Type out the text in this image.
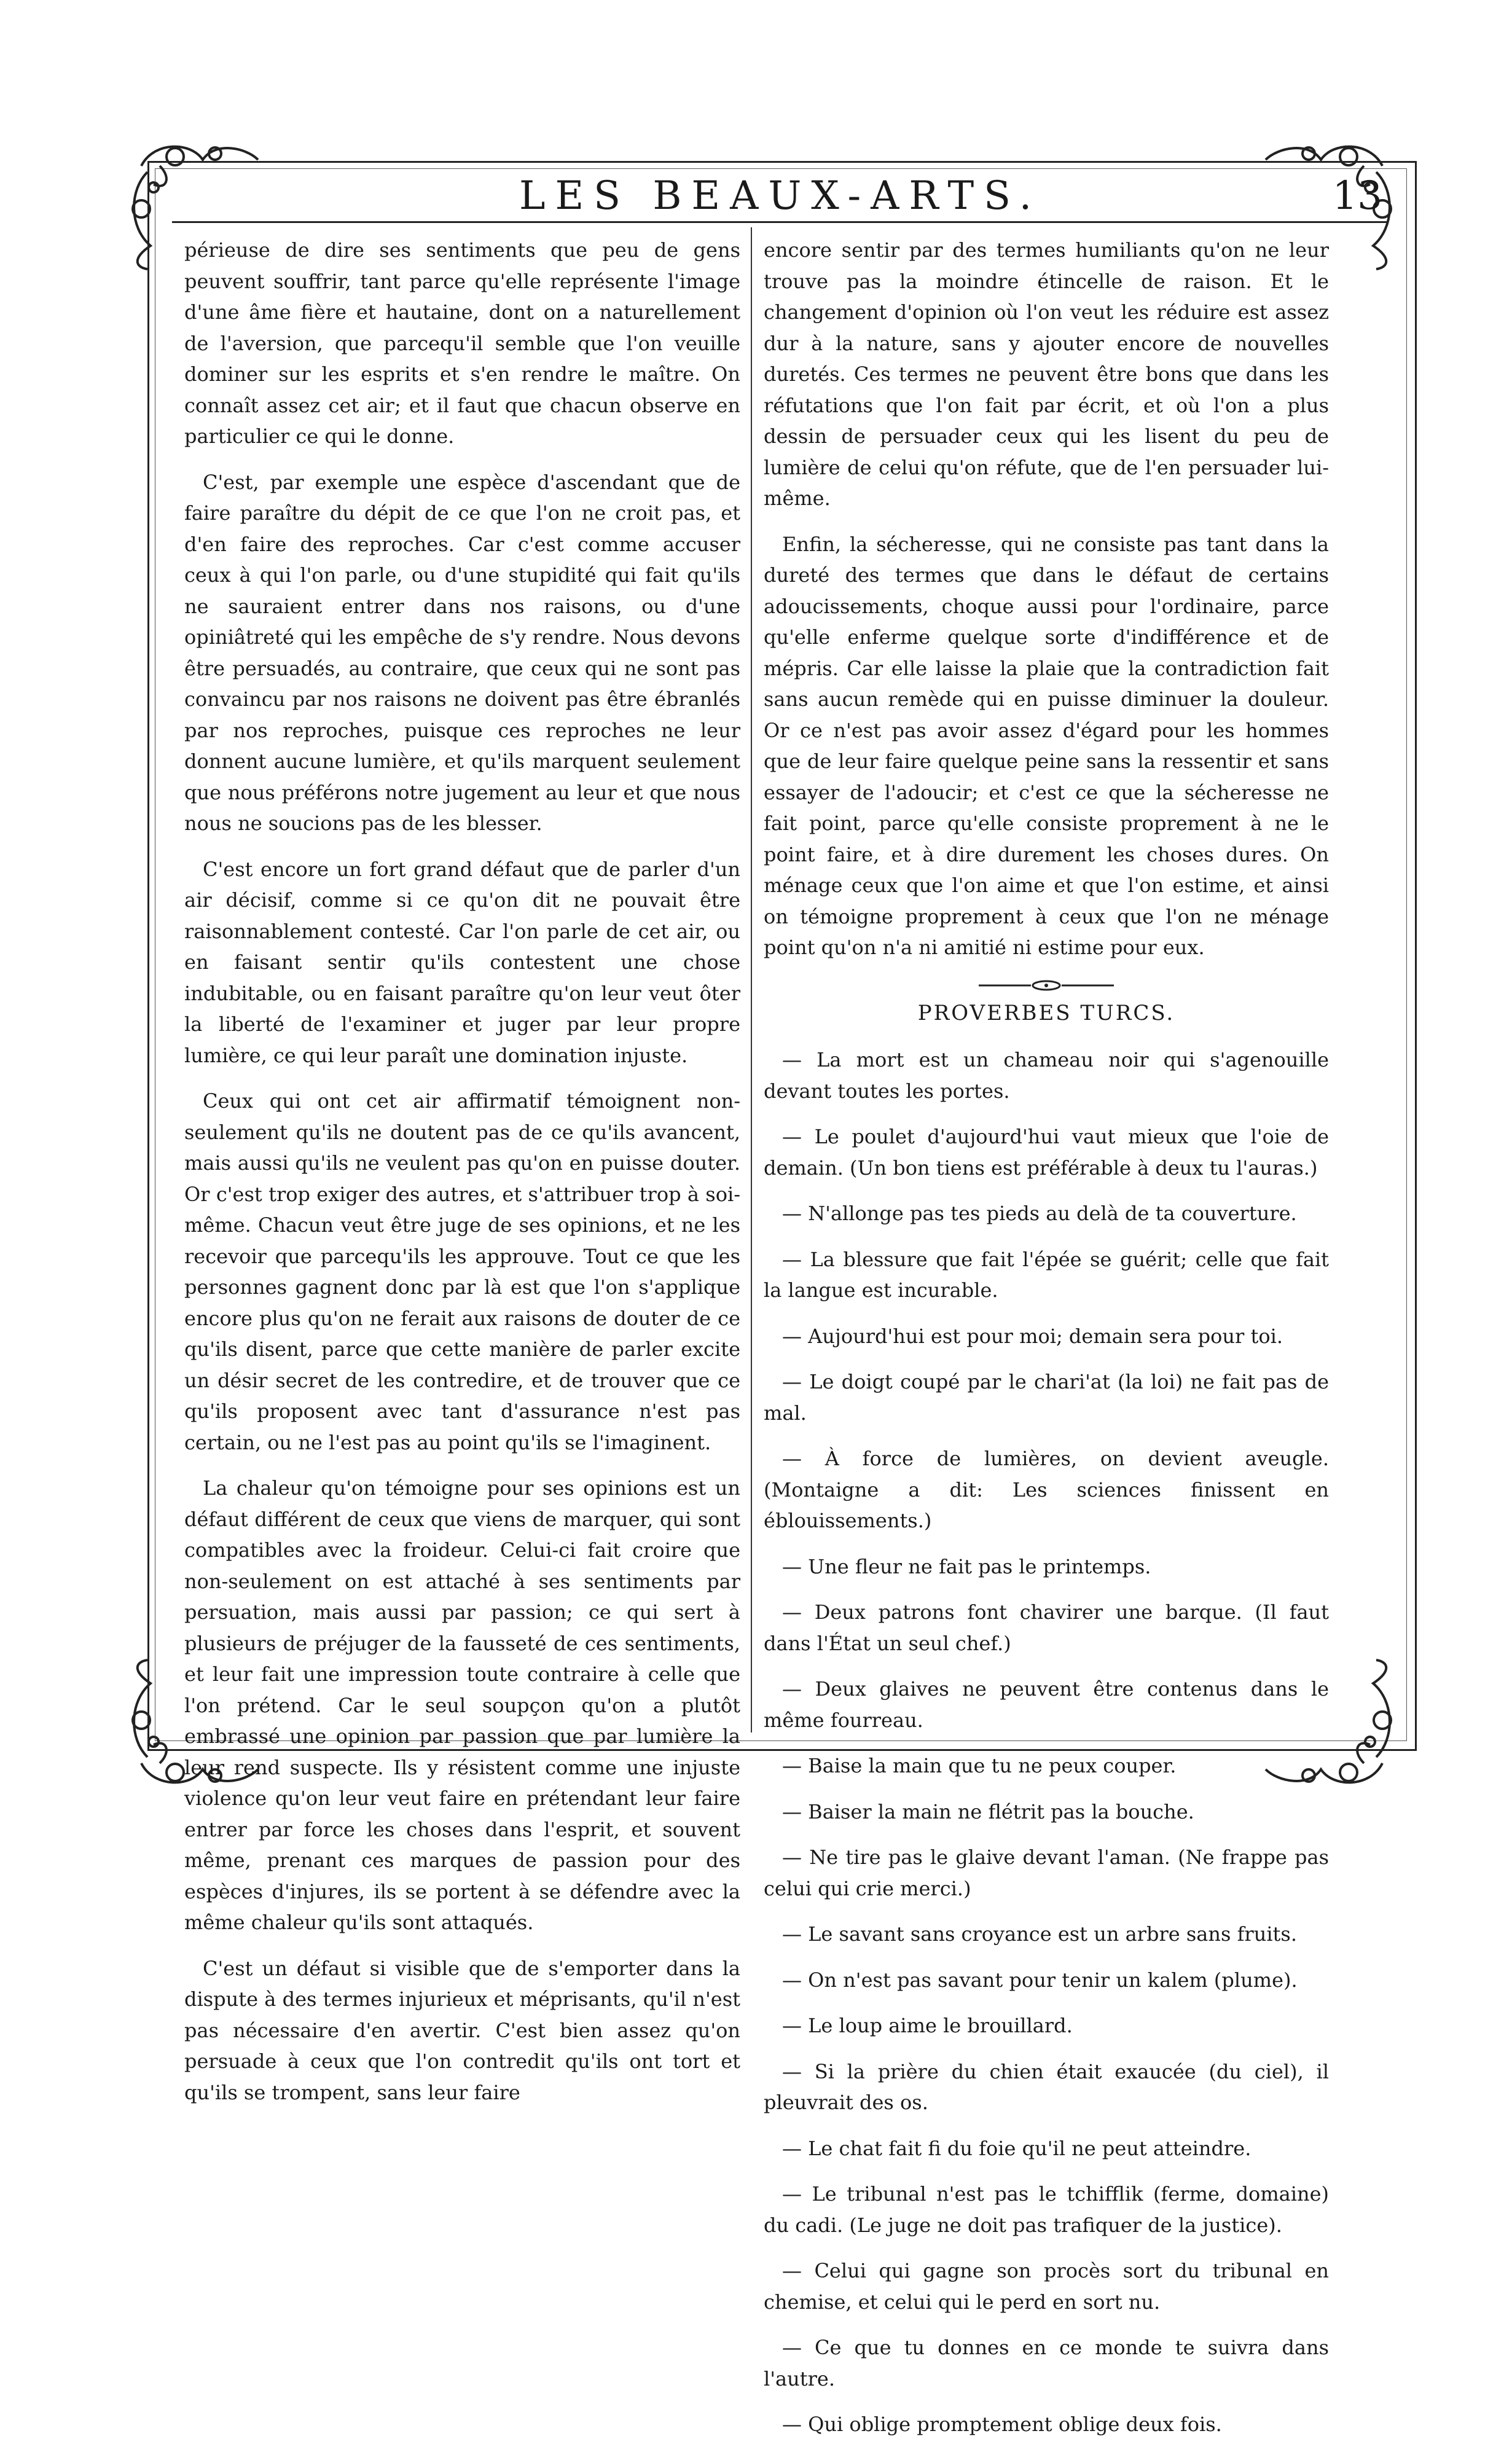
LES BEAUX-ARTS.	13

périeuse de dire ses sentiments que peu de gens peuvent souffrir, tant parce qu'elle représente l'image d'une âme fière et hautaine, dont on a naturellement de l'aversion, que parcequ'il semble que l'on veuille dominer sur les esprits et s'en rendre le maître. On connaît assez cet air; et il faut que chacun observe en particulier ce qui le donne.

C'est, par exemple une espèce d'ascendant que de faire paraître du dépit de ce que l'on ne croit pas, et d'en faire des reproches. Car c'est comme accuser ceux à qui l'on parle, ou d'une stupidité qui fait qu'ils ne sauraient entrer dans nos raisons, ou d'une opiniâtreté qui les empêche de s'y rendre. Nous devons être persuadés, au contraire, que ceux qui ne sont pas convaincu par nos raisons ne doivent pas être ébranlés par nos reproches, puisque ces reproches ne leur donnent aucune lumière, et qu'ils marquent seulement que nous préférons notre jugement au leur et que nous nous ne soucions pas de les blesser.

C'est encore un fort grand défaut que de parler d'un air décisif, comme si ce qu'on dit ne pouvait être raisonnablement contesté. Car l'on parle de cet air, ou en faisant sentir qu'ils contestent une chose indubitable, ou en faisant paraître qu'on leur veut ôter la liberté de l'examiner et juger par leur propre lumière, ce qui leur paraît une domination injuste.

Ceux qui ont cet air affirmatif témoignent non-seulement qu'ils ne doutent pas de ce qu'ils avancent, mais aussi qu'ils ne veulent pas qu'on en puisse douter. Or c'est trop exiger des autres, et s'attribuer trop à soi-même. Chacun veut être juge de ses opinions, et ne les recevoir que parcequ'ils les approuve. Tout ce que les personnes gagnent donc par là est que l'on s'applique encore plus qu'on ne ferait aux raisons de douter de ce qu'ils disent, parce que cette manière de parler excite un désir secret de les contredire, et de trouver que ce qu'ils proposent avec tant d'assurance n'est pas certain, ou ne l'est pas au point qu'ils se l'imaginent.

La chaleur qu'on témoigne pour ses opinions est un défaut différent de ceux que viens de marquer, qui sont compatibles avec la froideur. Celui-ci fait croire que non-seulement on est attaché à ses sentiments par persuation, mais aussi par passion; ce qui sert à plusieurs de préjuger de la fausseté de ces sentiments, et leur fait une impression toute contraire à celle que l'on prétend. Car le seul soupçon qu'on a plutôt embrassé une opinion par passion que par lumière la leur rend suspecte. Ils y résistent comme une injuste violence qu'on leur veut faire en prétendant leur faire entrer par force les choses dans l'esprit, et souvent même, prenant ces marques de passion pour des espèces d'injures, ils se portent à se défendre avec la même chaleur qu'ils sont attaqués.

C'est un défaut si visible que de s'emporter dans la dispute à des termes injurieux et méprisants, qu'il n'est pas nécessaire d'en avertir. C'est bien assez qu'on persuade à ceux que l'on contredit qu'ils ont tort et qu'ils se trompent, sans leur faire

encore sentir par des termes humiliants qu'on ne leur trouve pas la moindre étincelle de raison. Et le changement d'opinion où l'on veut les réduire est assez dur à la nature, sans y ajouter encore de nouvelles duretés. Ces termes ne peuvent être bons que dans les réfutations que l'on fait par écrit, et où l'on a plus dessin de persuader ceux qui les lisent du peu de lumière de celui qu'on réfute, que de l'en persuader lui-même.

Enfin, la sécheresse, qui ne consiste pas tant dans la dureté des termes que dans le défaut de certains adoucissements, choque aussi pour l'ordinaire, parce qu'elle enferme quelque sorte d'indifférence et de mépris. Car elle laisse la plaie que la contradiction fait sans aucun remède qui en puisse diminuer la douleur. Or ce n'est pas avoir assez d'égard pour les hommes que de leur faire quelque peine sans la ressentir et sans essayer de l'adoucir; et c'est ce que la sécheresse ne fait point, parce qu'elle consiste proprement à ne le point faire, et à dire durement les choses dures. On ménage ceux que l'on aime et que l'on estime, et ainsi on témoigne proprement à ceux que l'on ne ménage point qu'on n'a ni amitié ni estime pour eux.

PROVERBES TURCS.

— La mort est un chameau noir qui s'agenouille devant toutes les portes.

— Le poulet d'aujourd'hui vaut mieux que l'oie de demain. (Un bon tiens est préférable à deux tu l'auras.)

— N'allonge pas tes pieds au delà de ta couverture.

— La blessure que fait l'épée se guérit; celle que fait la langue est incurable.

— Aujourd'hui est pour moi; demain sera pour toi.

— Le doigt coupé par le chari'at (la loi) ne fait pas de mal.

— À force de lumières, on devient aveugle. (Montaigne a dit: Les sciences finissent en éblouissements.)

— Une fleur ne fait pas le printemps.

— Deux patrons font chavirer une barque. (Il faut dans l'État un seul chef.)

— Deux glaives ne peuvent être contenus dans le même fourreau.

— Baise la main que tu ne peux couper.

— Baiser la main ne flétrit pas la bouche.

— Ne tire pas le glaive devant l'aman. (Ne frappe pas celui qui crie merci.)

— Le savant sans croyance est un arbre sans fruits.

— On n'est pas savant pour tenir un kalem (plume).

— Le loup aime le brouillard.

— Si la prière du chien était exaucée (du ciel), il pleuvrait des os.

— Le chat fait fi du foie qu'il ne peut atteindre.

— Le tribunal n'est pas le tchifflik (ferme, domaine) du cadi. (Le juge ne doit pas trafiquer de la justice).

— Celui qui gagne son procès sort du tribunal en chemise, et celui qui le perd en sort nu.

— Ce que tu donnes en ce monde te suivra dans l'autre.

— Qui oblige promptement oblige deux fois.
